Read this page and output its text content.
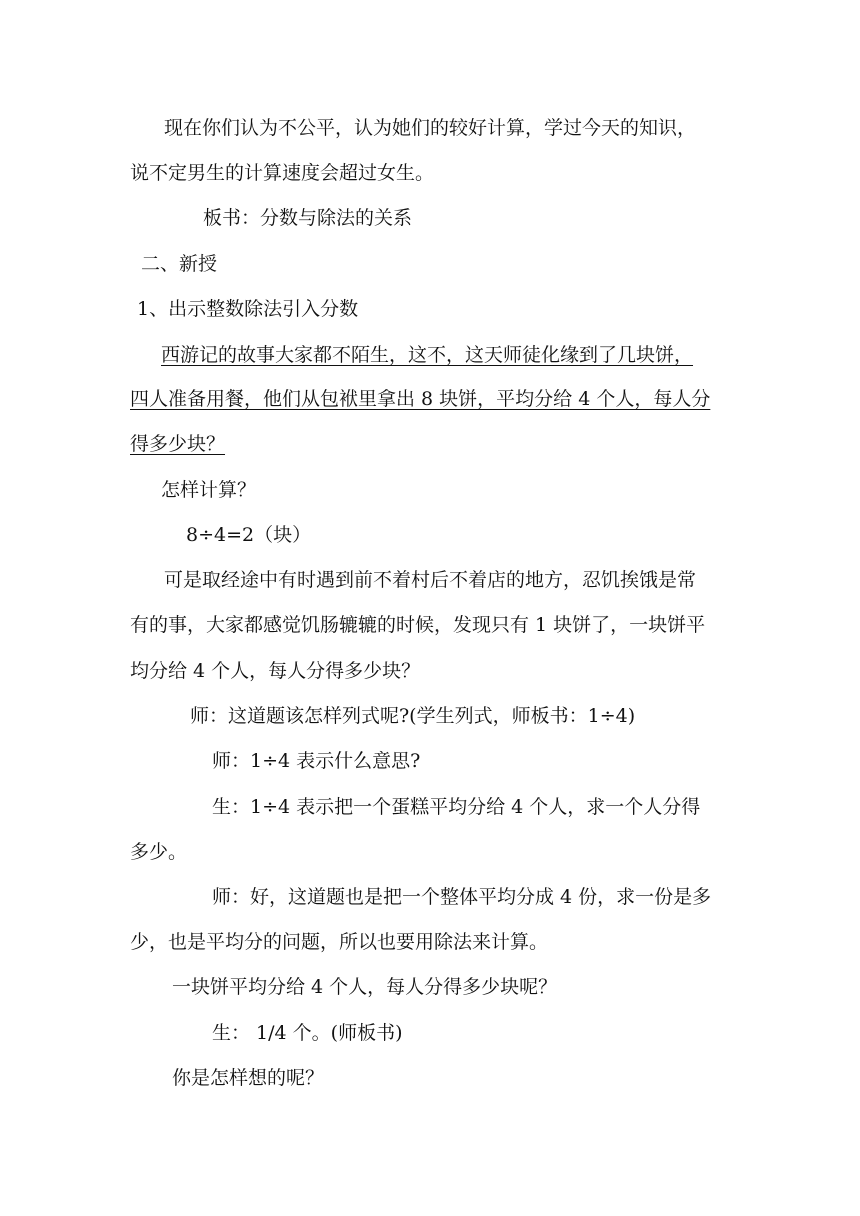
现在你们认为不公平，认为她们的较好计算，学过今天的知识，
说不定男生的计算速度会超过女生。
板书：分数与除法的关系
二、新授
1、出示整数除法引入分数
西游记的故事大家都不陌生，这不，这天师徒化缘到了几块饼，
四人准备用餐，他们从包袱里拿出 8 块饼，平均分给 4 个人，每人分
得多少块？
怎样计算？
8÷4=2（块）
可是取经途中有时遇到前不着村后不着店的地方，忍饥挨饿是常
有的事，大家都感觉饥肠辘辘的时候，发现只有 1 块饼了，一块饼平
均分给 4 个人，每人分得多少块？
师：这道题该怎样列式呢?(学生列式，师板书：1÷4)
师：1÷4 表示什么意思?
生：1÷4 表示把一个蛋糕平均分给 4 个人，求一个人分得
多少。
师：好，这道题也是把一个整体平均分成 4 份，求一份是多
少，也是平均分的问题，所以也要用除法来计算。
一块饼平均分给 4 个人，每人分得多少块呢？
生： 1/4 个。(师板书)
你是怎样想的呢？
